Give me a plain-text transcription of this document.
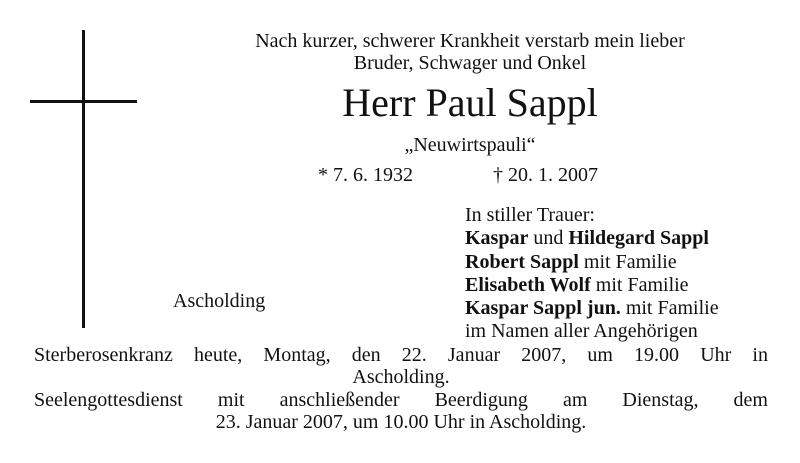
Nach kurzer, schwerer Krankheit verstarb mein lieber
Bruder, Schwager und Onkel
Herr Paul Sappl
„Neuwirtspauli“
* 7. 6. 1932	† 20. 1. 2007
In stiller Trauer:
Kaspar und Hildegard Sappl
Robert Sappl mit Familie
Elisabeth Wolf mit Familie
Kaspar Sappl jun. mit Familie
im Namen aller Angehörigen
Ascholding
Sterberosenkranz heute, Montag, den 22. Januar 2007, um 19.00 Uhr in
Ascholding.
Seelengottesdienst mit anschließender Beerdigung am Dienstag, dem
23. Januar 2007, um 10.00 Uhr in Ascholding.
